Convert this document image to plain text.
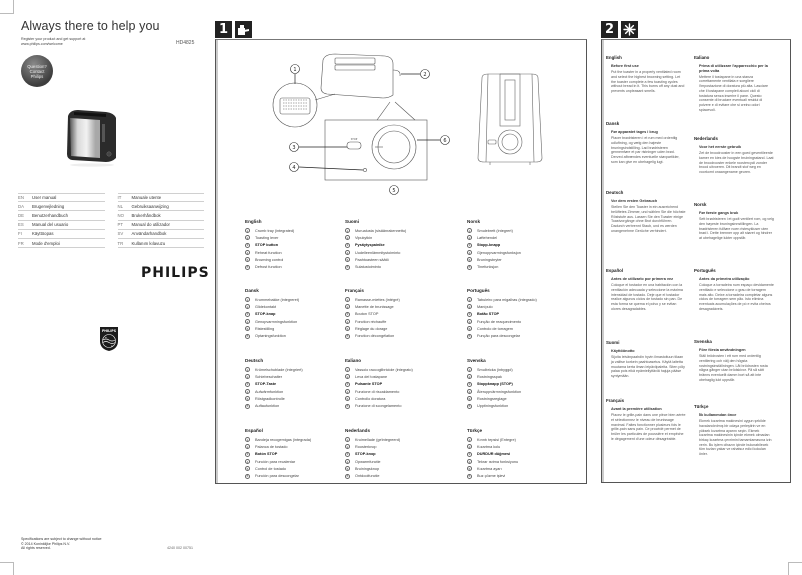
Always there to help you
Register your product and get support at www.philips.com/welcome	HD4825
Question?
Contact
Philips
EN	User manual
DA	Brugervejledning
DE	Benutzerhandbuch
ES	Manual del usuario
FI	Käyttöopas
FR	Mode d'emploi
IT	Manuale utente
NL	Gebruiksaanwijzing
NO	Brukerhåndbok
PT	Manual do utilizador
SV	Användarhandbok
TR	Kullanım kılavuzu
PHILIPS
PHILIPS
✦
✦
Specifications are subject to change without notice
© 2014 Koninklijke Philips N.V.
All rights reserved.	4240 002 00751
1
1
2
3
4
5
6
STOP
English
1	Crumb tray (integrated)
2	Toasting lever
3	STOP button
4	Reheat function
5	Browning control
6	Defrost function
Suomi
1	Murualusta (sisäänrakennettu)
2	Vipukytkin
3	Pysäytyspainike
4	Uudelleenlämmitystoiminto
5	Paahtoasteen säätö
6	Sulatustoiminto
Norsk
1	Smulebrett (integrert)
2	Løftehendel
3	Stopp-knapp
4	Gjenoppvarmingsfunksjon
5	Bruningsbryter
6	Tinefunksjon
Dansk
1	Krummebakke (integreret)
2	Glidekontakt
3	STOP-knap
4	Genopvarmningsfunktion
5	Ristestilling
6	Optøningsfunktion
Français
1	Ramasse-miettes (intégré)
2	Manette de brunissage
3	Bouton STOP
4	Fonction réchauffe
5	Réglage du dorage
6	Fonction décongélation
Português
1	Tabuleiro para migalhas (integrado)
2	Manípulo
3	Botão STOP
4	Função de reaquecimento
5	Controlo de torragem
6	Função para descongelar
Deutsch
1	Krümelschublade (integriert)
2	Schiebeschalter
3	STOP-Taste
4	Aufwärmfunktion
5	Röstgradkontrolle
6	Auftaufunktion
Italiano
1	Vassoio raccoglibriciole (integrato)
2	Leva del tostapane
3	Pulsante STOP
4	Funzione di riscaldamento
5	Controllo doratura
6	Funzione di scongelamento
Svenska
1	Smulbricka (inbyggd)
2	Rostningsspak
3	Stoppknapp (STOP)
4	Återuppvärmningsfunktion
5	Rostningsreglage
6	Upptiningsfunktion
Español
1	Bandeja recogemigas (integrada)
2	Palanca de tostado
3	Botón STOP
4	Función para recalentar
5	Control de tostado
6	Función para descongelar
Nederlands
1	Kruimellade (geïntegreerd)
2	Roosterknop
3	STOP-knop
4	Opwarmfunctie
5	Bruiningsknop
6	Ontdooifunctie
Türkçe
1	Kırıntı tepsisi (Entegre)
2	Kızartma kolu
3	DURDUR düğmesi
4	Tekrar ısıtma fonksiyonu
5	Kızartma ayarı
6	Buz çözme işlevi
2
English
Before first use
Put the toaster in a properly ventilated room and select the highest browning setting. Let the toaster complete a few toasting cycles without bread in it. This burns off any dust and prevents unpleasant smells.
Italiano
Prima di utilizzare l'apparecchio per la prima volta
Mettere il tostapane in una stanza correttamente ventilata e scegliere l'impostazione di doratura più alta. Lasciare che il tostapane completi alcuni cicli di tostatura senza inserire il pane. Questo consente di bruciare eventuali residui di polvere e di evitare che si creino odori spiacevoli.
Dansk
Før apparatet tages i brug
Placer brødristeren i et rum med ordentlig udluftning, og vælg den højeste bruningsindstilling. Lad brødristeren gennemføre et par ristninger uden brød. Derved afbrændes eventuelle støvpartikler, som kan give en ubehagelig lugt.
Nederlands
Voor het eerste gebruik
Zet de broodrooster in een goed geventileerde kamer en kies de hoogste bruiningsstand. Laat de broodrooster enkele roostercycli zonder brood uitvoeren. Dit brandt stof weg en voorkomt onaangename geuren.
Deutsch
Vor dem ersten Gebrauch
Stellen Sie den Toaster in ein ausreichend belüftetes Zimmer, und wählen Sie die höchste Röststufe aus. Lassen Sie den Toaster einige Toastvorgänge ohne Brot durchführen. Dadurch verbrennt Staub, und es werden unangenehme Gerüche verhindert.
Norsk
Før første gangs bruk
Sett brødristeren i et godt ventilert rom, og velg den høyeste bruningsinnstillingen. La brødristeren fullføre noen ristesykluser uten brød i. Dette brenner opp alt støvet og hindrer at ubehagelige lukter oppstår.
Español
Antes de utilizarlo por primera vez
Coloque el tostador en una habitación con la ventilación adecuada y seleccione la máxima intensidad de tostado. Deje que el tostador realice algunos ciclos de tostado sin pan. De esta forma se quema el polvo y se evitan olores desagradables.
Português
Antes da primeira utilização
Coloque a torradeira num espaço devidamente ventilado e seleccione o grau de torragem mais alto. Deixe a torradeira completar alguns ciclos de torragem sem pão. Isto elimina eventuais acumulações de pó e evita cheiros desagradáveis.
Suomi
Käyttöönotto
Sijoita leivänpaahdin hyvin ilmastoituun tilaan ja valitse korkein paahtoasetus. Käytä laitetta muutama kerta ilman leipäviipaleita. Siten pöly palaa pois eikä epämiellyttäviä hajuja pääse syntymään.
Svenska
Före första användningen
Ställ brödrosten i ett rum med ordentlig ventilering och välj den högsta rostningsinställningen. Låt brödrosten rosta några gånger utan brödskivor. På så sätt bränns eventuellt damm bort så att inte obehaglig lukt uppstår.
Français
Avant la première utilisation
Placez le grille-pain dans une pièce bien aérée et sélectionnez le niveau de brunissage maximal. Faites fonctionner plusieurs fois le grille-pain sans pain. Ce procédé permet de brûler les particules de poussière et empêche le dégagement d'une odeur désagréable.
Türkçe
İlk kullanımdan önce
Ekmek kızartma makinesini uygun şekilde havalandırılmış bir odaya yerleştirin ve en yüksek kızartma ayarını seçin. Ekmek kızartma makinesinin içinde ekmek olmadan birkaç kızartma çevrimini tamamlamasına izin verin. Bu işlem cihazın içinde bulunabilecek tüm tozları yakar ve rahatsız edici kokuları önler.
